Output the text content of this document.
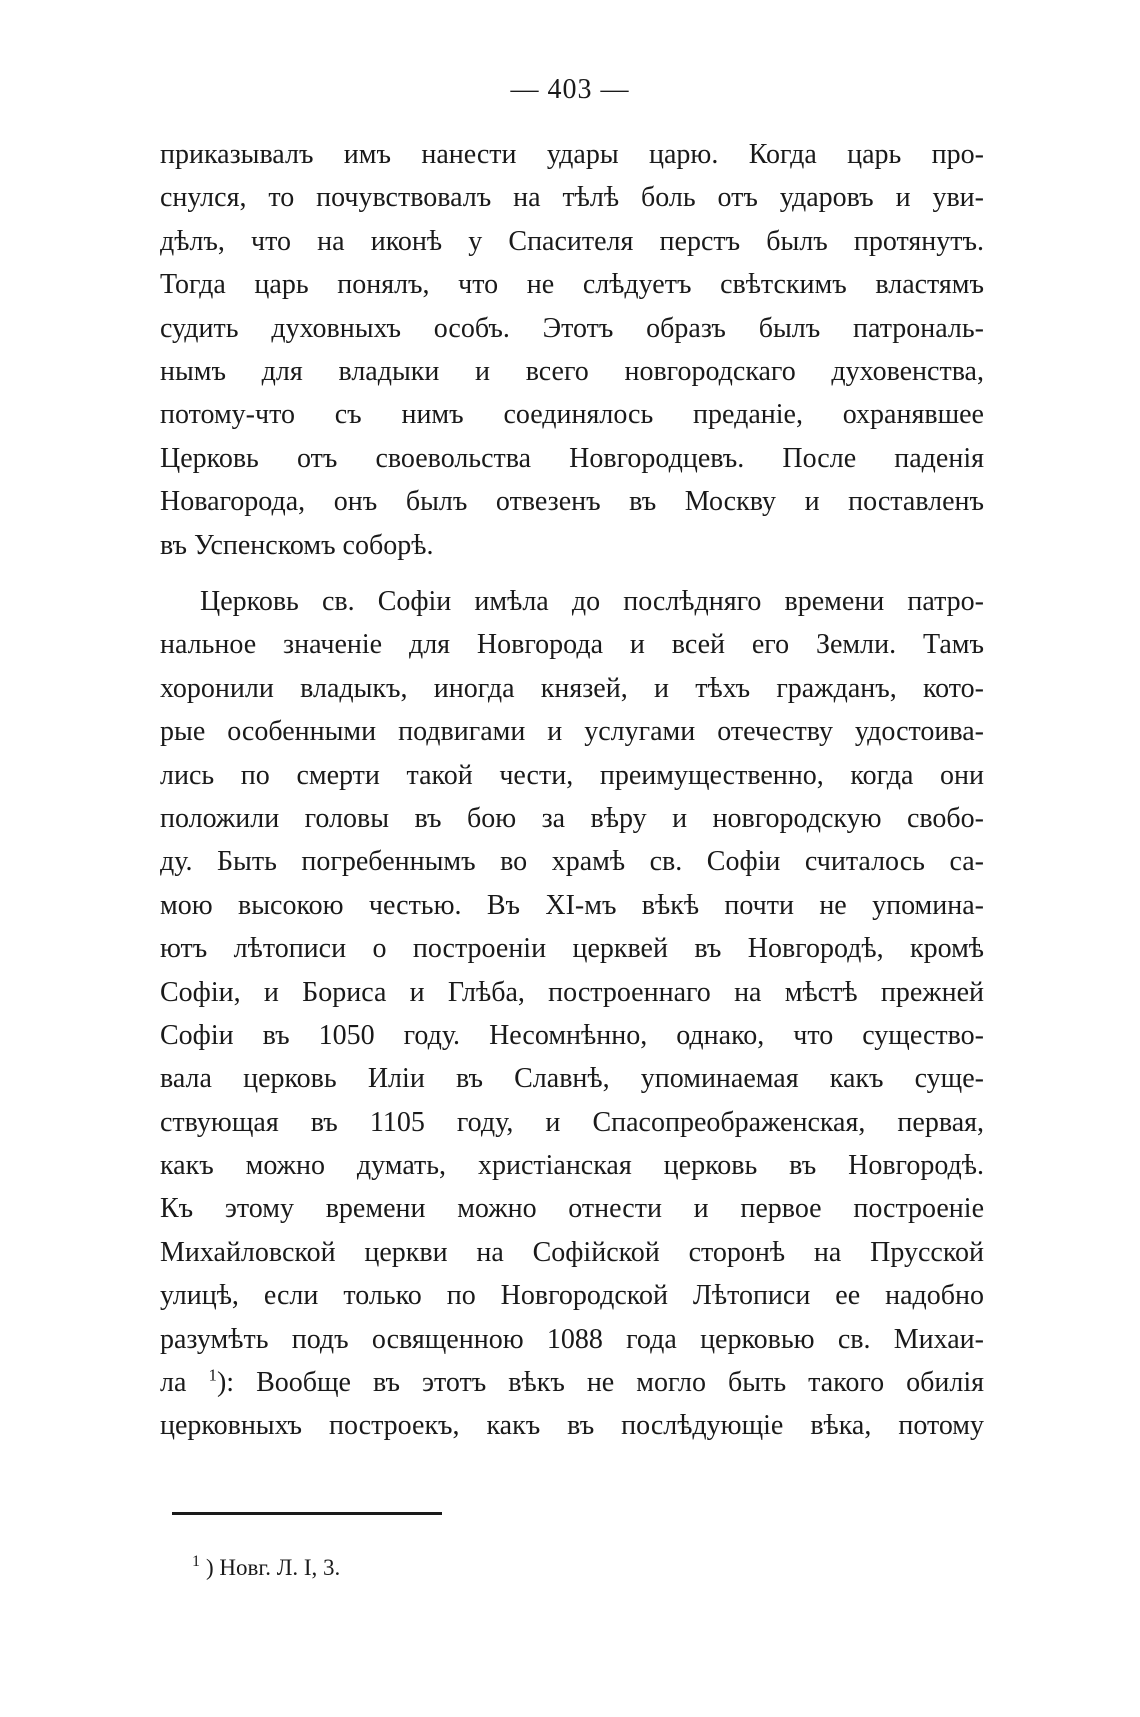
— 403 —
приказывалъ имъ нанести удары царю. Когда царь про-
снулся, то почувствовалъ на тѣлѣ боль отъ ударовъ и уви-
дѣлъ, что на иконѣ у Спасителя перстъ былъ протянутъ.
Тогда царь понялъ, что не слѣдуетъ свѣтскимъ властямъ
судить духовныхъ особъ. Этотъ образъ былъ патрональ-
нымъ для владыки и всего новгородскаго духовенства,
потому-что съ нимъ соединялось преданіе, охранявшее
Церковь отъ своевольства Новгородцевъ. После паденія
Новагорода, онъ былъ отвезенъ въ Москву и поставленъ
въ Успенскомъ соборѣ.
Церковь св. Софіи имѣла до послѣдняго времени патро-
нальное значеніе для Новгорода и всей его Земли. Тамъ
хоронили владыкъ, иногда князей, и тѣхъ гражданъ, кото-
рые особенными подвигами и услугами отечеству удостоива-
лись по смерти такой чести, преимущественно, когда они
положили головы въ бою за вѣру и новгородскую свобо-
ду. Быть погребеннымъ во храмѣ св. Софіи считалось са-
мою высокою честью. Въ XI-мъ вѣкѣ почти не упомина-
ютъ лѣтописи о построеніи церквей въ Новгородѣ, кромѣ
Софіи, и Бориса и Глѣба, построеннаго на мѣстѣ прежней
Софіи въ 1050 году. Несомнѣнно, однако, что существо-
вала церковь Иліи въ Славнѣ, упоминаемая какъ суще-
ствующая въ 1105 году, и Спасопреображенская, первая,
какъ можно думать, христіанская церковь въ Новгородѣ.
Къ этому времени можно отнести и первое построеніе
Михайловской церкви на Софійской сторонѣ на Прусской
улицѣ, если только по Новгородской Лѣтописи ее надобно
разумѣть подъ освященною 1088 года церковью св. Михаи-
ла $^1$): Вообще въ этотъ вѣкъ не могло быть такого обилія
церковныхъ построекъ, какъ въ послѣдующіе вѣка, потому
$^1$ ) Новг. Л. I, 3.
